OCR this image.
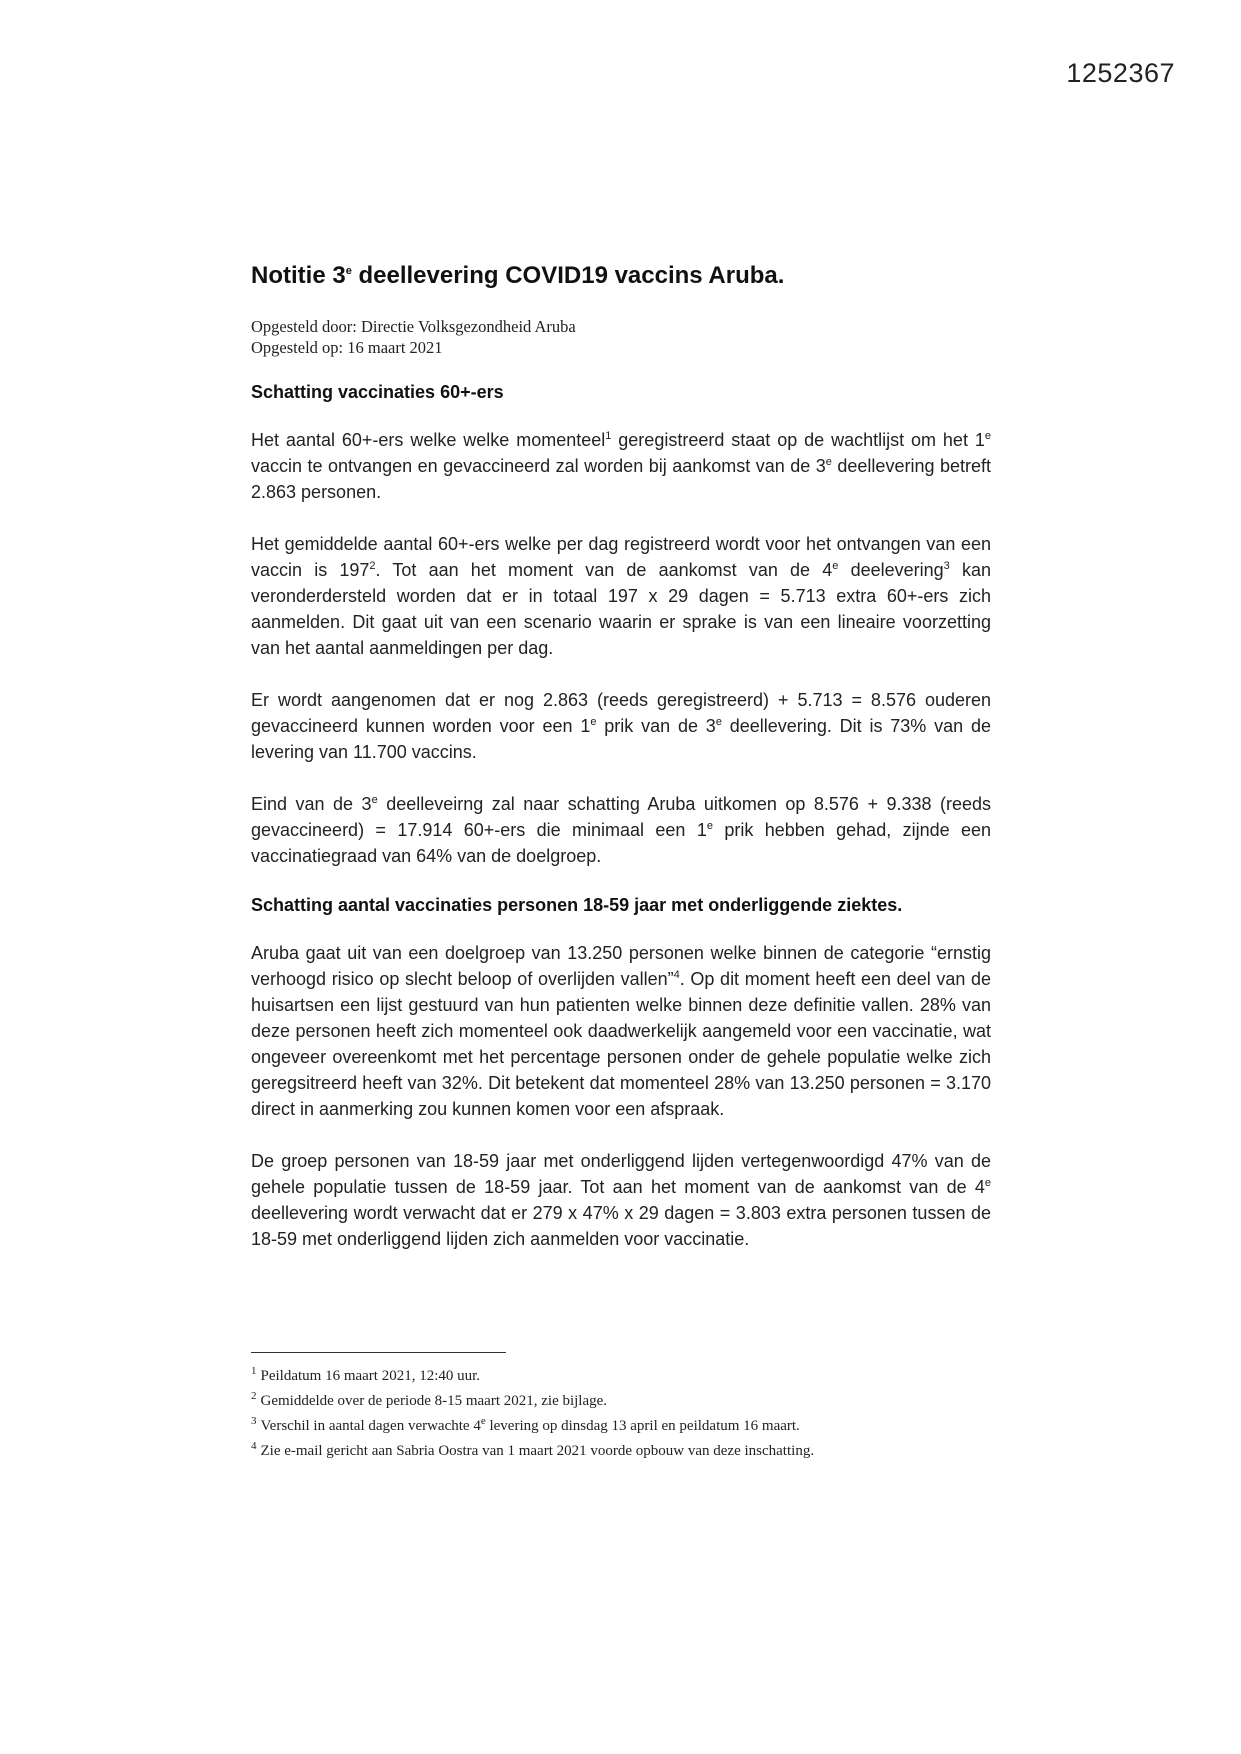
1252367
Notitie 3e deellevering COVID19 vaccins Aruba.
Opgesteld door: Directie Volksgezondheid Aruba
Opgesteld op: 16 maart 2021
Schatting vaccinaties 60+-ers

Het aantal 60+-ers welke welke momenteel$^1$ geregistreerd staat op de wachtlijst om het 1e vaccin te ontvangen en gevaccineerd zal worden bij aankomst van de 3e deellevering betreft 2.863 personen.

Het gemiddelde aantal 60+-ers welke per dag registreerd wordt voor het ontvangen van een vaccin is $197^2$. Tot aan het moment van de aankomst van de 4e deelevering$^3$ kan veronderdersteld worden dat er in totaal 197 x 29 dagen = 5.713 extra 60+-ers zich aanmelden. Dit gaat uit van een scenario waarin er sprake is van een lineaire voorzetting van het aantal aanmeldingen per dag.

Er wordt aangenomen dat er nog 2.863 (reeds geregistreerd) + 5.713 = 8.576 ouderen gevaccineerd kunnen worden voor een 1e prik van de 3e deellevering. Dit is 73% van de levering van 11.700 vaccins.

Eind van de 3e deelleveirng zal naar schatting Aruba uitkomen op 8.576 + 9.338 (reeds gevaccineerd) = 17.914 60+-ers die minimaal een 1e prik hebben gehad, zijnde een vaccinatiegraad van 64% van de doelgroep.

Schatting aantal vaccinaties personen 18-59 jaar met onderliggende ziektes.

Aruba gaat uit van een doelgroep van 13.250 personen welke binnen de categorie “ernstig verhoogd risico op slecht beloop of overlijden vallen”$^4$. Op dit moment heeft een deel van de huisartsen een lijst gestuurd van hun patienten welke binnen deze definitie vallen. 28% van deze personen heeft zich momenteel ook daadwerkelijk aangemeld voor een vaccinatie, wat ongeveer overeenkomt met het percentage personen onder de gehele populatie welke zich geregsitreerd heeft van 32%. Dit betekent dat momenteel 28% van 13.250 personen = 3.170 direct in aanmerking zou kunnen komen voor een afspraak.

De groep personen van 18-59 jaar met onderliggend lijden vertegenwoordigd 47% van de gehele populatie tussen de 18-59 jaar. Tot aan het moment van de aankomst van de 4e deellevering wordt verwacht dat er 279 x 47% x 29 dagen = 3.803 extra personen tussen de 18-59 met onderliggend lijden zich aanmelden voor vaccinatie.

$^1$ Peildatum 16 maart 2021, 12:40 uur.
$^2$ Gemiddelde over de periode 8-15 maart 2021, zie bijlage.
$^3$ Verschil in aantal dagen verwachte 4e levering op dinsdag 13 april en peildatum 16 maart.
$^4$ Zie e-mail gericht aan Sabria Oostra van 1 maart 2021 voorde opbouw van deze inschatting.
